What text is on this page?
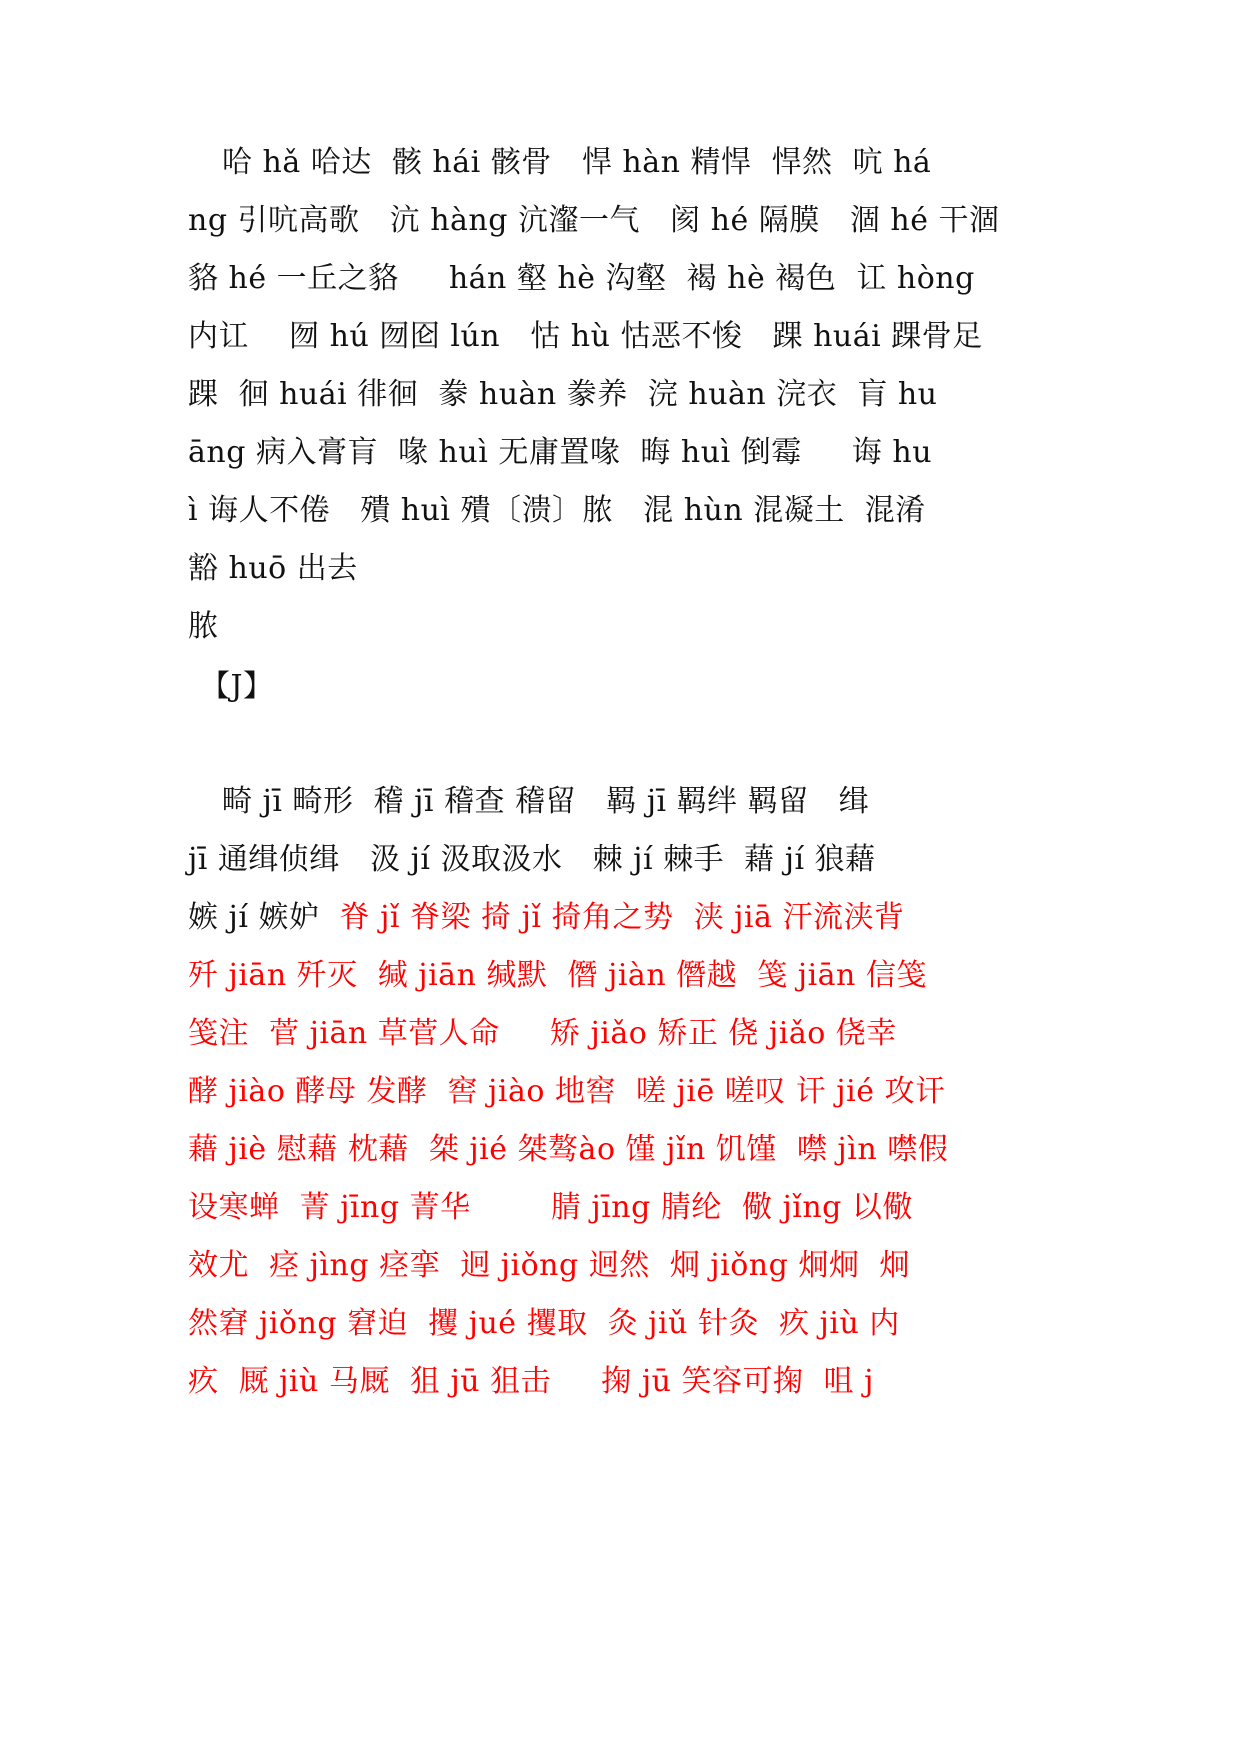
哈 hǎ 哈达  骸 hái 骸骨   悍 hàn 精悍  悍然  吭 há
ng 引吭高歌   沆 hàng 沆瀣一气   阂 hé 隔膜   涸 hé 干涸
貉 hé 一丘之貉     hán 壑 hè 沟壑  褐 hè 褐色  讧 hòng
内讧    囫 hú 囫囵 lún   怙 hù 怙恶不悛   踝 huái 踝骨足
踝  徊 huái 徘徊  豢 huàn 豢养  浣 huàn 浣衣  肓 hu
āng 病入膏肓  喙 huì 无庸置喙  晦 huì 倒霉     诲 hu
ì 诲人不倦   殨 huì 殨〔溃〕脓   混 hùn 混凝土  混淆
豁 huō 出去
脓
【J】
畸 jī 畸形  稽 jī 稽查 稽留   羁 jī 羁绊 羁留   缉
jī 通缉侦缉   汲 jí 汲取汲水   棘 jí 棘手  藉 jí 狼藉
嫉 jí 嫉妒  脊 jǐ 脊梁 掎 jǐ 掎角之势  浃 jiā 汗流浃背
歼 jiān 歼灭  缄 jiān 缄默  僭 jiàn 僭越  笺 jiān 信笺
笺注  菅 jiān 草菅人命     矫 jiǎo 矫正 侥 jiǎo 侥幸
酵 jiào 酵母 发酵  窖 jiào 地窖  嗟 jiē 嗟叹 讦 jié 攻讦
藉 jiè 慰藉 枕藉  桀 jié 桀骜ào 馑 jǐn 饥馑  噤 jìn 噤假
设寒蝉  菁 jīng 菁华        腈 jīng 腈纶  儆 jǐng 以儆
效尤  痉 jìng 痉挛  迥 jiǒng 迥然  炯 jiǒng 炯炯  炯
然窘 jiǒng 窘迫  攫 jué 攫取  灸 jiǔ 针灸  疚 jiù 内
疚  厩 jiù 马厩  狙 jū 狙击     掬 jū 笑容可掬  咀 j
